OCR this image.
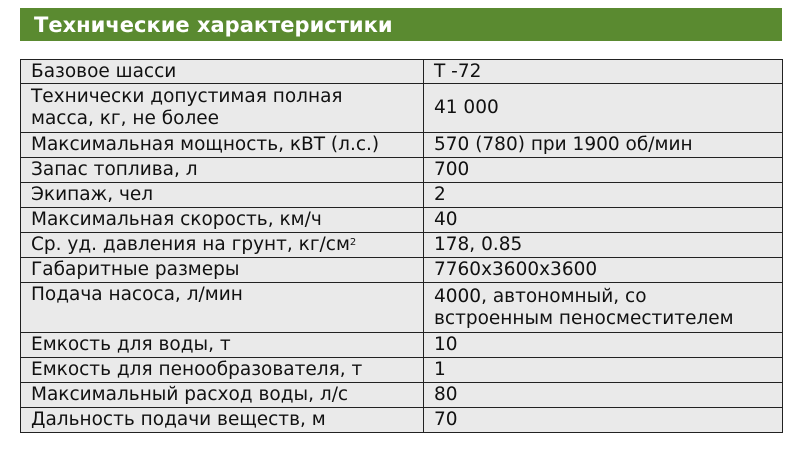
Технические характеристики
Базовое шасси	Т -72
Технически допустимая полная
масса, кг, не более	41 000
Максимальная мощность, кВТ (л.с.)	570 (780) при 1900 об/мин
Запас топлива, л	700
Экипаж, чел	2
Максимальная скорость, км/ч	40
Ср. уд. давления на грунт, $кг/см^2$	178, 0.85
Габаритные размеры	7760x3600x3600
Подача насоса, л/мин	4000, автономный, со
встроенным пеносместителем
Емкость для воды, т	10
Емкость для пенообразователя, т	1
Максимальный расход воды, л/с	80
Дальность подачи веществ, м	70
